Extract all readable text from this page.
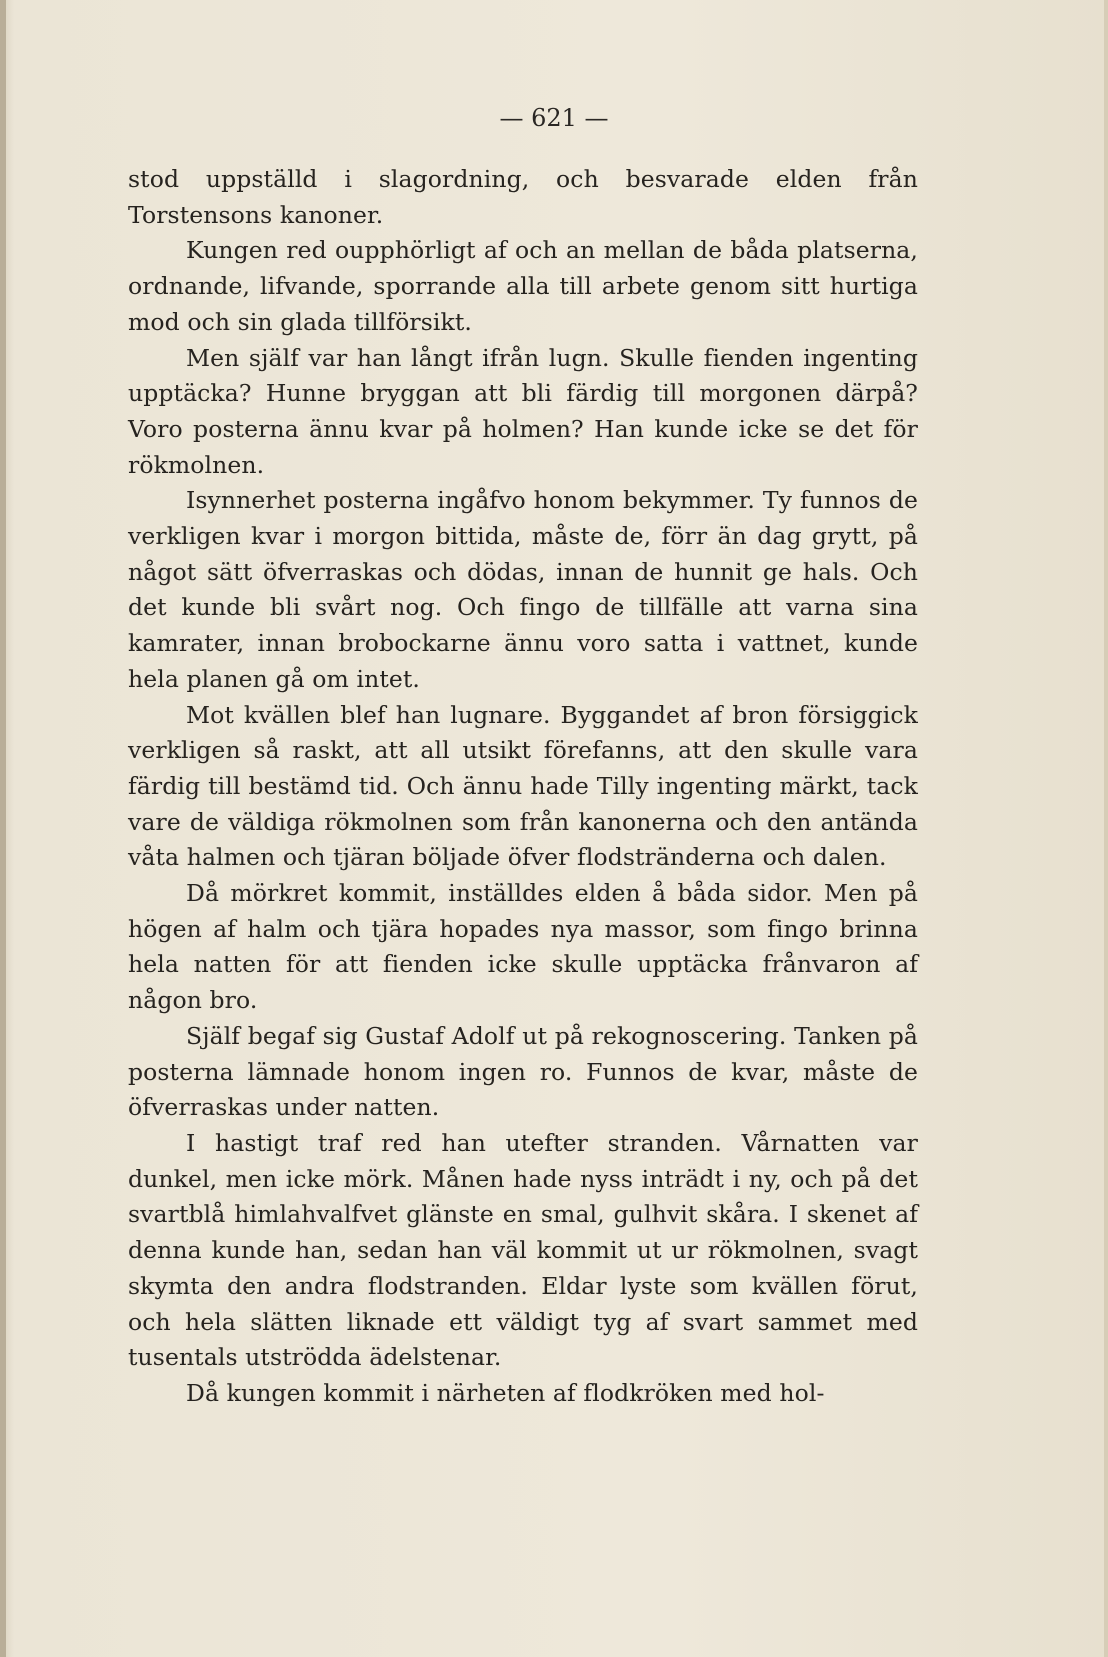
— 621 —

stod uppställd i slagordning, och besvarade elden från Torstensons kanoner.

Kungen red oupphörligt af och an mellan de båda platserna, ordnande, lifvande, sporrande alla till arbete genom sitt hurtiga mod och sin glada tillförsikt.

Men själf var han långt ifrån lugn. Skulle fienden ingenting upptäcka? Hunne bryggan att bli färdig till morgonen därpå? Voro posterna ännu kvar på holmen? Han kunde icke se det för rökmolnen.

Isynnerhet posterna ingåfvo honom bekymmer. Ty funnos de verkligen kvar i morgon bittida, måste de, förr än dag grytt, på något sätt öfverraskas och dödas, innan de hunnit ge hals. Och det kunde bli svårt nog. Och fingo de tillfälle att varna sina kamrater, innan brobockarne ännu voro satta i vattnet, kunde hela planen gå om intet.

Mot kvällen blef han lugnare. Byggandet af bron försiggick verkligen så raskt, att all utsikt förefanns, att den skulle vara färdig till bestämd tid. Och ännu hade Tilly ingenting märkt, tack vare de väldiga rökmolnen som från kanonerna och den antända våta halmen och tjäran böljade öfver flodstränderna och dalen.

Då mörkret kommit, inställdes elden å båda sidor. Men på högen af halm och tjära hopades nya massor, som fingo brinna hela natten för att fienden icke skulle upptäcka frånvaron af någon bro.

Själf begaf sig Gustaf Adolf ut på rekognoscering. Tanken på posterna lämnade honom ingen ro. Funnos de kvar, måste de öfverraskas under natten.

I hastigt traf red han utefter stranden. Vårnatten var dunkel, men icke mörk. Månen hade nyss inträdt i ny, och på det svartblå himlahvalfvet glänste en smal, gulhvit skåra. I skenet af denna kunde han, sedan han väl kommit ut ur rökmolnen, svagt skymta den andra flodstranden. Eldar lyste som kvällen förut, och hela slätten liknade ett väldigt tyg af svart sammet med tusentals utströdda ädelstenar.

Då kungen kommit i närheten af flodkröken med hol-
